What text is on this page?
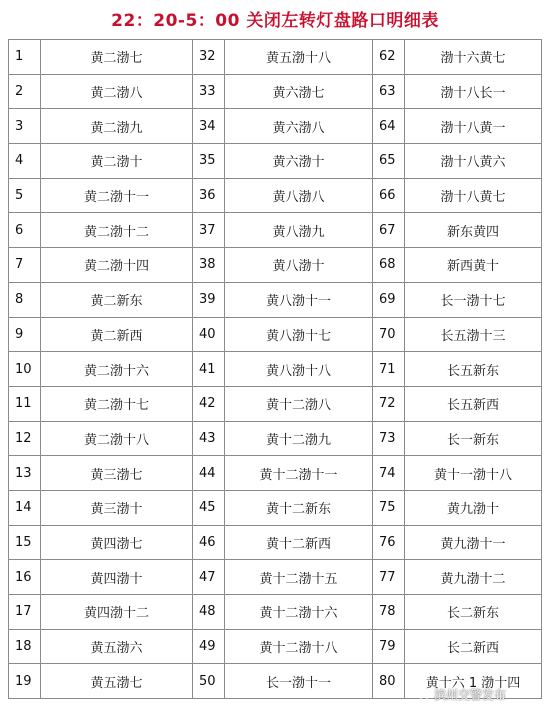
22：20-5：00 关闭左转灯盘路口明细表
1	黄二渤七	32	黄五渤十八	62	渤十六黄七
2	黄二渤八	33	黄六渤七	63	渤十八长一
3	黄二渤九	34	黄六渤八	64	渤十八黄一
4	黄二渤十	35	黄六渤十	65	渤十八黄六
5	黄二渤十一	36	黄八渤八	66	渤十八黄七
6	黄二渤十二	37	黄八渤九	67	新东黄四
7	黄二渤十四	38	黄八渤十	68	新西黄十
8	黄二新东	39	黄八渤十一	69	长一渤十七
9	黄二新西	40	黄八渤十七	70	长五渤十三
10	黄二渤十六	41	黄八渤十八	71	长五新东
11	黄二渤十七	42	黄十二渤八	72	长五新西
12	黄二渤十八	43	黄十二渤九	73	长一新东
13	黄三渤七	44	黄十二渤十一	74	黄十一渤十八
14	黄三渤十	45	黄十二新东	75	黄九渤十
15	黄四渤七	46	黄十二新西	76	黄九渤十一
16	黄四渤十	47	黄十二渤十五	77	黄九渤十二
17	黄四渤十二	48	黄十二渤十六	78	长二新东
18	黄五渤六	49	黄十二渤十八	79	长二新西
19	黄五渤七	50	长一渤十一	80	黄十六 1 渤十四
滨州交警发布
